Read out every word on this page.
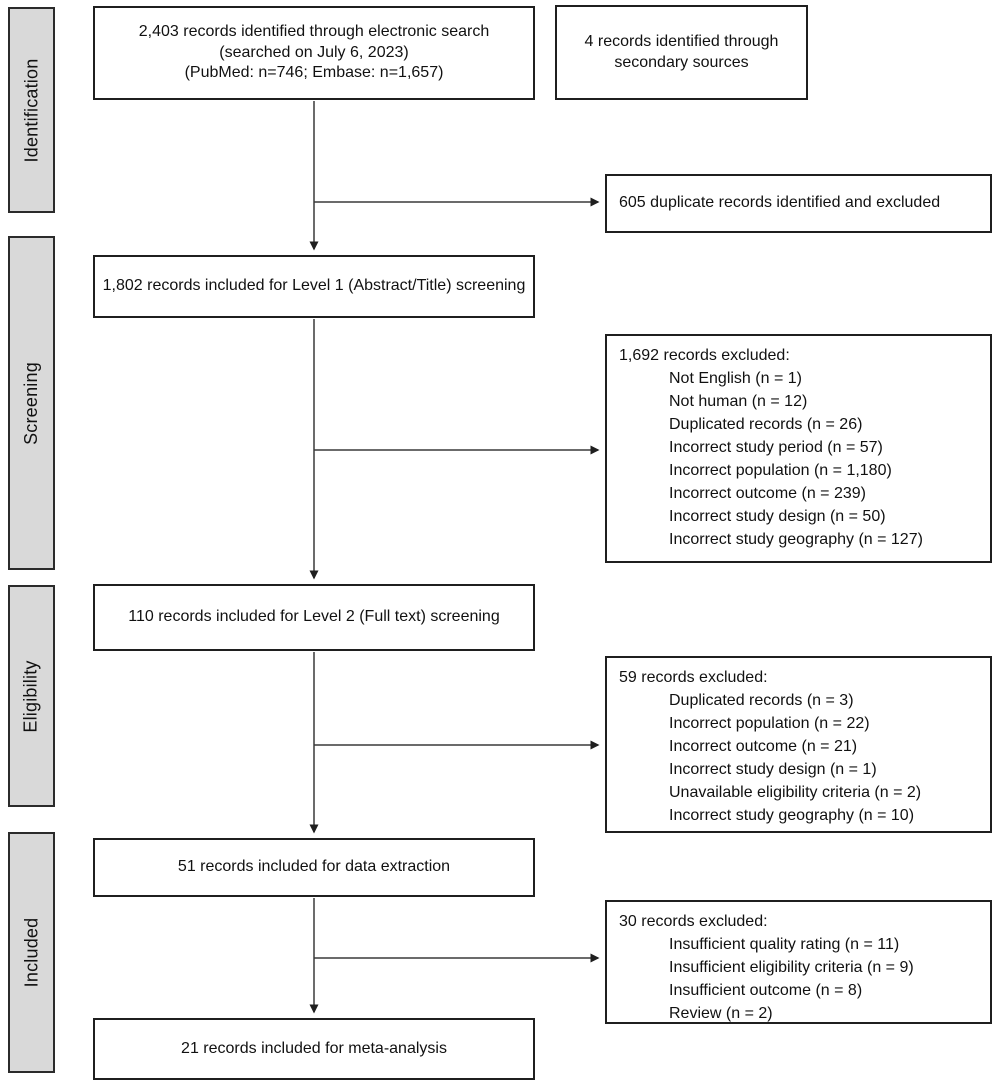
Identification
Screening
Eligibility
Included
2,403 records identified through electronic search
(searched on July 6, 2023)
(PubMed: n=746; Embase: n=1,657)
1,802 records included for Level 1 (Abstract/Title) screening
110 records included for Level 2 (Full text) screening
51 records included for data extraction
21 records included for meta-analysis
4 records identified through secondary sources
605 duplicate records identified and excluded
1,692 records excluded:
Not English (n = 1)
Not human (n = 12)
Duplicated records (n = 26)
Incorrect study period (n = 57)
Incorrect population (n = 1,180)
Incorrect outcome (n = 239)
Incorrect study design (n = 50)
Incorrect study geography (n = 127)
59 records excluded:
Duplicated records (n = 3)
Incorrect population (n = 22)
Incorrect outcome (n = 21)
Incorrect study design (n = 1)
Unavailable eligibility criteria (n = 2)
Incorrect study geography (n = 10)
30 records excluded:
Insufficient quality rating (n = 11)
Insufficient eligibility criteria (n = 9)
Insufficient outcome (n = 8)
Review (n = 2)
